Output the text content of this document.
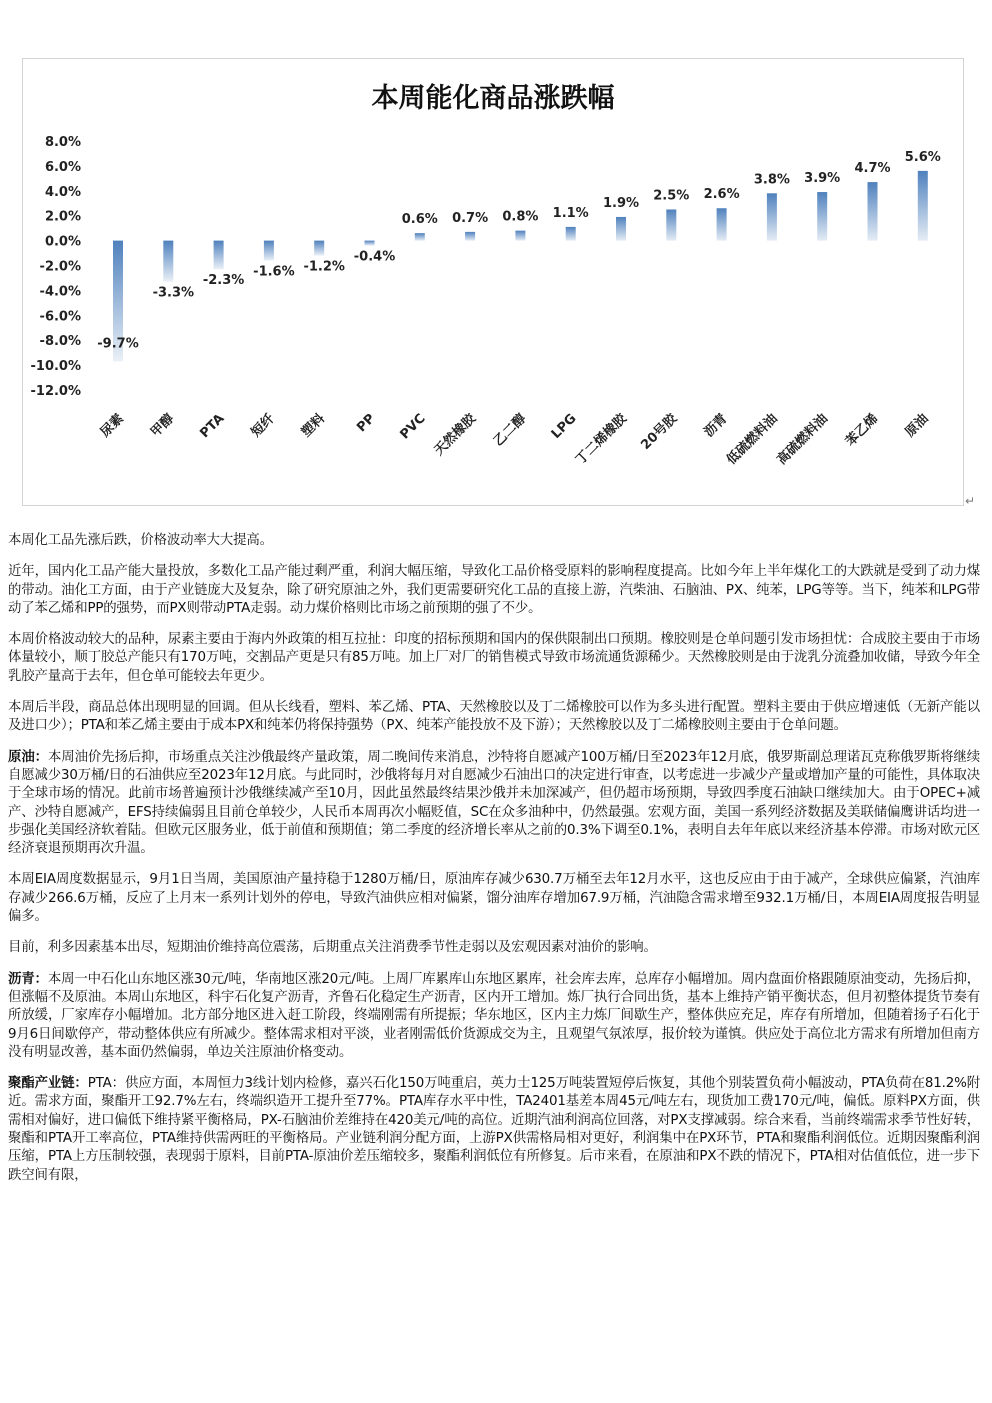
本周能化商品涨跌幅
8.0%
6.0%
4.0%
2.0%
0.0%
-2.0%
-4.0%
-6.0%
-8.0%
-10.0%
-12.0%
-9.7%
-3.3%
-2.3%
-1.6% -1.2%
-0.4%
0.6% 0.7% 0.8% 1.1%
1.9% 2.5% 2.6%
3.8% 3.9%
4.7%
5.6%
尿素 甲醇 PTA 短纤 塑料 PP PVC 天然橡胶 乙二醇 LPG
丁二烯橡胶 20号胶 沥青
低硫燃料油
高硫燃料油 苯乙烯 原油
↵

本周化工品先涨后跌，价格波动率大大提高。

近年，国内化工品产能大量投放，多数化工品产能过剩严重，利润大幅压缩，导致化工品价格受原料的影响程度提高。比如今年上半年煤化工的大跌就是受到了动力煤的带动。油化工方面，由于产业链庞大及复杂，除了研究原油之外，我们更需要研究化工品的直接上游，汽柴油、石脑油、PX、纯苯，LPG等等。当下，纯苯和LPG带动了苯乙烯和PP的强势，而PX则带动PTA走弱。动力煤价格则比市场之前预期的强了不少。

本周价格波动较大的品种，尿素主要由于海内外政策的相互拉扯：印度的招标预期和国内的保供限制出口预期。橡胶则是仓单问题引发市场担忧：合成胶主要由于市场体量较小，顺丁胶总产能只有170万吨，交割品产更是只有85万吨。加上厂对厂的销售模式导致市场流通货源稀少。天然橡胶则是由于泷乳分流叠加收储，导致今年全乳胶产量高于去年，但仓单可能较去年更少。

本周后半段，商品总体出现明显的回调。但从长线看，塑料、苯乙烯、PTA、天然橡胶以及丁二烯橡胶可以作为多头进行配置。塑料主要由于供应增速低（无新产能以及进口少）；PTA和苯乙烯主要由于成本PX和纯苯仍将保持强势（PX、纯苯产能投放不及下游）；天然橡胶以及丁二烯橡胶则主要由于仓单问题。

原油：本周油价先扬后抑，市场重点关注沙俄最终产量政策，周二晚间传来消息，沙特将自愿减产100万桶/日至2023年12月底，俄罗斯副总理诺瓦克称俄罗斯将继续自愿减少30万桶/日的石油供应至2023年12月底。与此同时，沙俄将每月对自愿减少石油出口的决定进行审查，以考虑进一步减少产量或增加产量的可能性，具体取决于全球市场的情况。此前市场普遍预计沙俄继续减产至10月，因此虽然最终结果沙俄并未加深减产，但仍超市场预期，导致四季度石油缺口继续加大。由于OPEC+减产、沙特自愿减产，EFS持续偏弱且目前仓单较少，人民币本周再次小幅贬值，SC在众多油种中，仍然最强。宏观方面，美国一系列经济数据及美联储偏鹰讲话均进一步强化美国经济软着陆。但欧元区服务业，低于前值和预期值；第二季度的经济增长率从之前的0.3%下调至0.1%，表明自去年年底以来经济基本停滞。市场对欧元区经济衰退预期再次升温。

本周EIA周度数据显示，9月1日当周，美国原油产量持稳于1280万桶/日，原油库存减少630.7万桶至去年12月水平，这也反应由于由于减产，全球供应偏紧，汽油库存减少266.6万桶，反应了上月末一系列计划外的停电，导致汽油供应相对偏紧，馏分油库存增加67.9万桶，汽油隐含需求增至932.1万桶/日，本周EIA周度报告明显偏多。

目前，利多因素基本出尽，短期油价维持高位震荡，后期重点关注消费季节性走弱以及宏观因素对油价的影响。

沥青：本周一中石化山东地区涨30元/吨，华南地区涨20元/吨。上周厂库累库山东地区累库，社会库去库，总库存小幅增加。周内盘面价格跟随原油变动，先扬后抑，但涨幅不及原油。本周山东地区，科宇石化复产沥青，齐鲁石化稳定生产沥青，区内开工增加。炼厂执行合同出货，基本上维持产销平衡状态，但月初整体提货节奏有所放缓，厂家库存小幅增加。北方部分地区进入赶工阶段，终端刚需有所提振；华东地区，区内主力炼厂间歇生产，整体供应充足，库存有所增加，但随着扬子石化于9月6日间歇停产，带动整体供应有所减少。整体需求相对平淡，业者刚需低价货源成交为主，且观望气氛浓厚，报价较为谨慎。供应处于高位北方需求有所增加但南方没有明显改善，基本面仍然偏弱，单边关注原油价格变动。

聚酯产业链：PTA：供应方面，本周恒力3线计划内检修，嘉兴石化150万吨重启，英力士125万吨装置短停后恢复，其他个别装置负荷小幅波动，PTA负荷在81.2%附近。需求方面，聚酯开工92.7%左右，终端织造开工提升至77%。PTA库存水平中性，TA2401基差本周45元/吨左右，现货加工费170元/吨，偏低。原料PX方面，供需相对偏好，进口偏低下维持紧平衡格局，PX-石脑油价差维持在420美元/吨的高位。近期汽油利润高位回落，对PX支撑减弱。综合来看，当前终端需求季节性好转，聚酯和PTA开工率高位，PTA维持供需两旺的平衡格局。产业链利润分配方面，上游PX供需格局相对更好，利润集中在PX环节，PTA和聚酯利润低位。近期因聚酯利润压缩，PTA上方压制较强，表现弱于原料，目前PTA-原油价差压缩较多，聚酯利润低位有所修复。后市来看，在原油和PX不跌的情况下，PTA相对估值低位，进一步下跌空间有限，
